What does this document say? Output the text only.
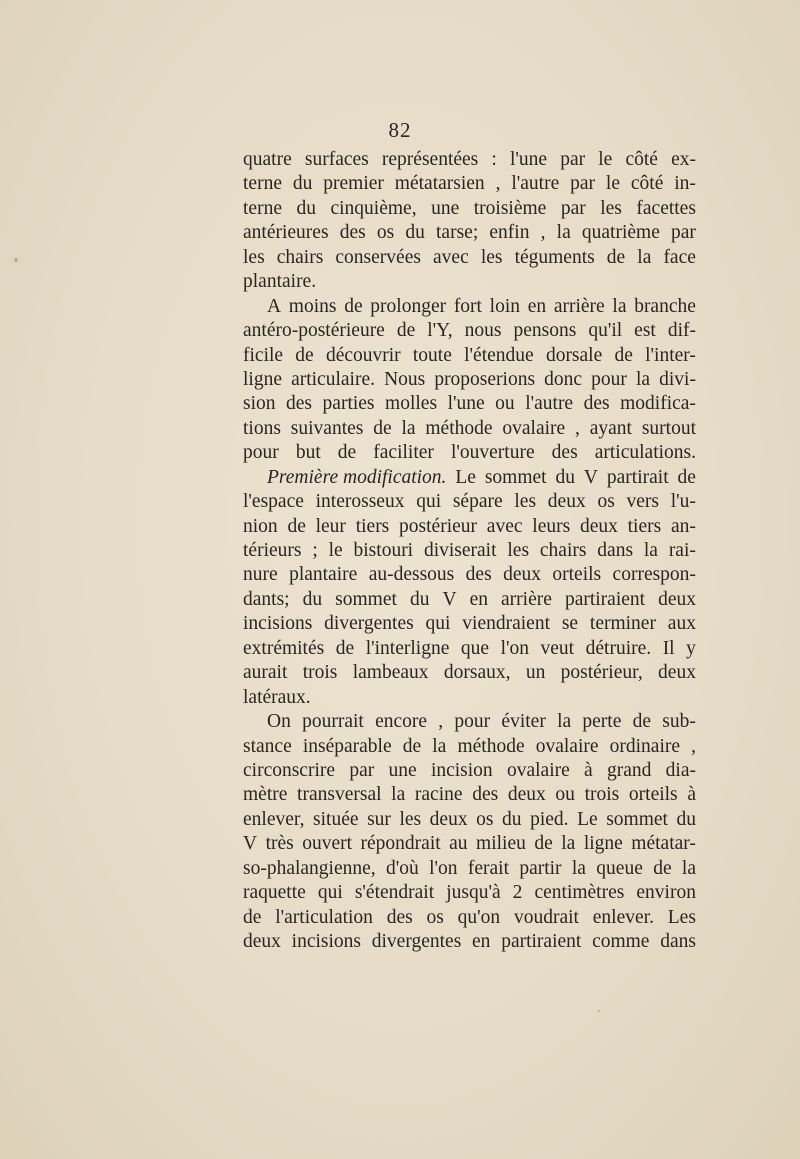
82
quatre surfaces représentées : l'une par le côté ex-
terne du premier métatarsien , l'autre par le côté in-
terne du cinquième, une troisième par les facettes
antérieures des os du tarse; enfin , la quatrième par
les chairs conservées avec les téguments de la face
plantaire.
A moins de prolonger fort loin en arrière la branche
antéro-postérieure de l'Y, nous pensons qu'il est dif-
ficile de découvrir toute l'étendue dorsale de l'inter-
ligne articulaire. Nous proposerions donc pour la divi-
sion des parties molles l'une ou l'autre des modifica-
tions suivantes de la méthode ovalaire , ayant surtout
pour but de faciliter l'ouverture des articulations.
Première modification. Le sommet du V partirait de
l'espace interosseux qui sépare les deux os vers l'u-
nion de leur tiers postérieur avec leurs deux tiers an-
térieurs ; le bistouri diviserait les chairs dans la rai-
nure plantaire au-dessous des deux orteils correspon-
dants; du sommet du V en arrière partiraient deux
incisions divergentes qui viendraient se terminer aux
extrémités de l'interligne que l'on veut détruire. Il y
aurait trois lambeaux dorsaux, un postérieur, deux
latéraux.
On pourrait encore , pour éviter la perte de sub-
stance inséparable de la méthode ovalaire ordinaire ,
circonscrire par une incision ovalaire à grand dia-
mètre transversal la racine des deux ou trois orteils à
enlever, située sur les deux os du pied. Le sommet du
V très ouvert répondrait au milieu de la ligne métatar-
so-phalangienne, d'où l'on ferait partir la queue de la
raquette qui s'étendrait jusqu'à 2 centimètres environ
de l'articulation des os qu'on voudrait enlever. Les
deux incisions divergentes en partiraient comme dans
